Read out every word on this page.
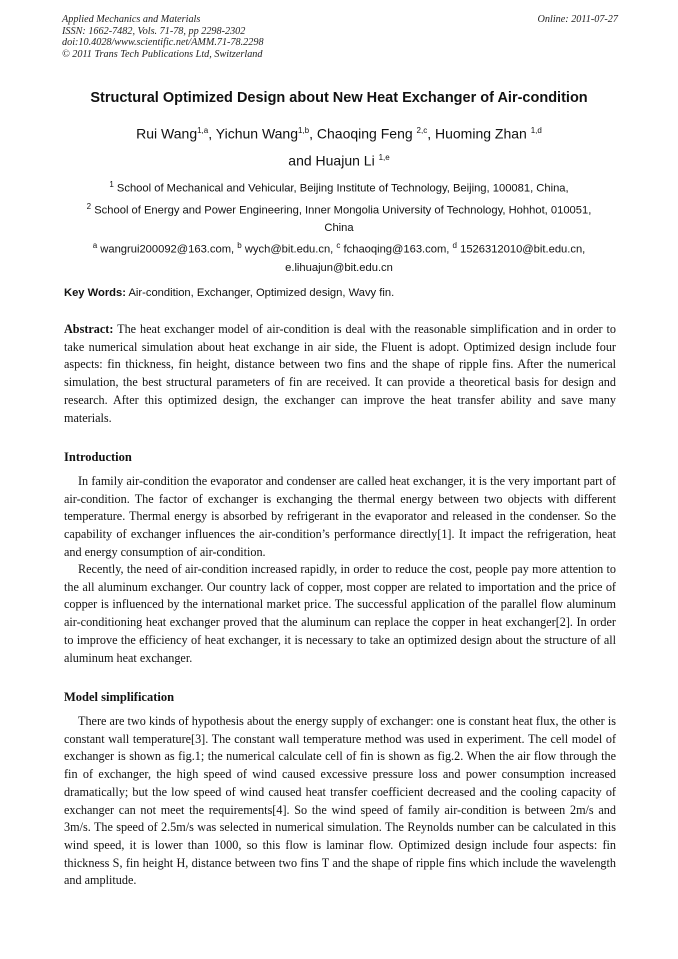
Applied Mechanics and Materials
ISSN: 1662-7482, Vols. 71-78, pp 2298-2302
doi:10.4028/www.scientific.net/AMM.71-78.2298
© 2011 Trans Tech Publications Ltd, Switzerland
Online: 2011-07-27
Structural Optimized Design about New Heat Exchanger of Air-condition
Rui Wang$^{1,a}$, Yichun Wang$^{1,b}$, Chaoqing Feng $^{2,c}$, Huoming Zhan $^{1,d}$
and Huajun Li $^{1,e}$
$^1$ School of Mechanical and Vehicular, Beijing Institute of Technology, Beijing, 100081, China,
$^2$ School of Energy and Power Engineering, Inner Mongolia University of Technology, Hohhot, 010051, China
$^a$ wangrui200092@163.com, $^b$ wych@bit.edu.cn, $^c$ fchaoqing@163.com, $^d$ 1526312010@bit.edu.cn,
e.lihuajun@bit.edu.cn
Key Words: Air-condition, Exchanger, Optimized design, Wavy fin.
Abstract: The heat exchanger model of air-condition is deal with the reasonable simplification and in order to take numerical simulation about heat exchange in air side, the Fluent is adopt. Optimized design include four aspects: fin thickness, fin height, distance between two fins and the shape of ripple fins. After the numerical simulation, the best structural parameters of fin are received. It can provide a theoretical basis for design and research. After this optimized design, the exchanger can improve the heat transfer ability and save many materials.
Introduction
In family air-condition the evaporator and condenser are called heat exchanger, it is the very important part of air-condition. The factor of exchanger is exchanging the thermal energy between two objects with different temperature. Thermal energy is absorbed by refrigerant in the evaporator and released in the condenser. So the capability of exchanger influences the air-condition’s performance directly[1]. It impact the refrigeration, heat and energy consumption of air-condition.
Recently, the need of air-condition increased rapidly, in order to reduce the cost, people pay more attention to the all aluminum exchanger. Our country lack of copper, most copper are related to importation and the price of copper is influenced by the international market price. The successful application of the parallel flow aluminum air-conditioning heat exchanger proved that the aluminum can replace the copper in heat exchanger[2]. In order to improve the efficiency of heat exchanger, it is necessary to take an optimized design about the structure of all aluminum heat exchanger.
Model simplification
There are two kinds of hypothesis about the energy supply of exchanger: one is constant heat flux, the other is constant wall temperature[3]. The constant wall temperature method was used in experiment. The cell model of exchanger is shown as fig.1; the numerical calculate cell of fin is shown as fig.2. When the air flow through the fin of exchanger, the high speed of wind caused excessive pressure loss and power consumption increased dramatically; but the low speed of wind caused heat transfer coefficient decreased and the cooling capacity of exchanger can not meet the requirements[4]. So the wind speed of family air-condition is between 2m/s and 3m/s. The speed of 2.5m/s was selected in numerical simulation. The Reynolds number can be calculated in this wind speed, it is lower than 1000, so this flow is laminar flow. Optimized design include four aspects: fin thickness S, fin height H, distance between two fins T and the shape of ripple fins which include the wavelength and amplitude.
